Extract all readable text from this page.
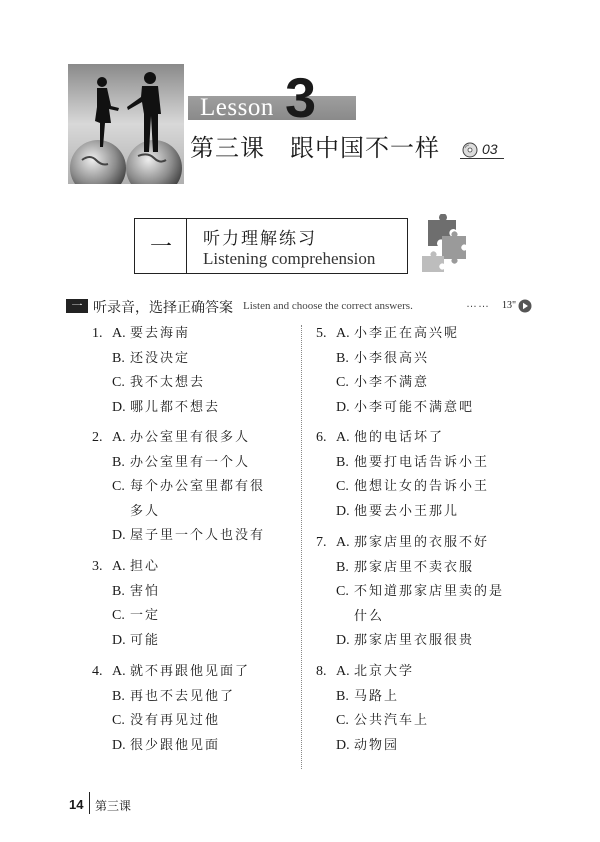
Lesson 3
第三课　跟中国不一样	03
一 听力理解练习
Listening comprehension
一 听录音，选择正确答案 Listen and choose the correct answers.	…… 13"
1. A. 要去海南
B. 还没决定
C. 我不太想去
D. 哪儿都不想去
2. A. 办公室里有很多人
B. 办公室里有一个人
C. 每个办公室里都有很
多人
D. 屋子里一个人也没有
3. A. 担心
B. 害怕
C. 一定
D. 可能
4. A. 就不再跟他见面了
B. 再也不去见他了
C. 没有再见过他
D. 很少跟他见面
5. A. 小李正在高兴呢
B. 小李很高兴
C. 小李不满意
D. 小李可能不满意吧
6. A. 他的电话坏了
B. 他要打电话告诉小王
C. 他想让女的告诉小王
D. 他要去小王那儿
7. A. 那家店里的衣服不好
B. 那家店里不卖衣服
C. 不知道那家店里卖的是
什么
D. 那家店里衣服很贵
8. A. 北京大学
B. 马路上
C. 公共汽车上
D. 动物园
14 第三课
